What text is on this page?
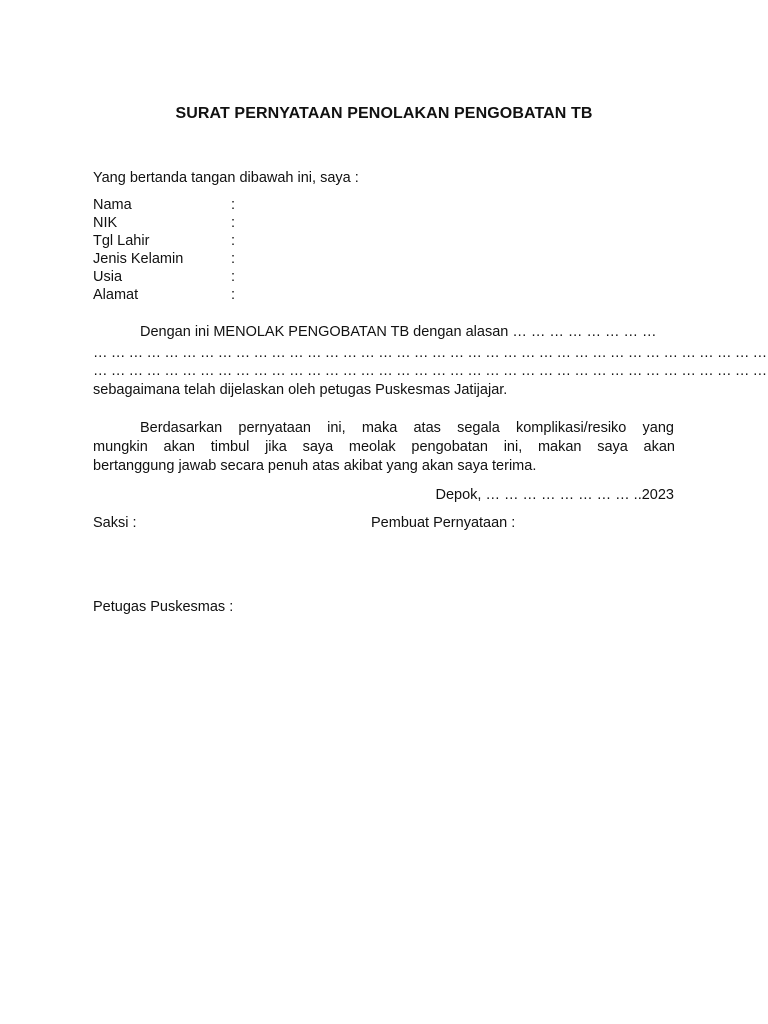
SURAT PERNYATAAN PENOLAKAN PENGOBATAN TB
Yang bertanda tangan dibawah ini, saya :
Nama	:
NIK	:
Tgl Lahir	:
Jenis Kelamin	:
Usia	:
Alamat	:
Dengan ini MENOLAK PENGOBATAN TB dengan alasan … … … … … … … …
… … … … … … … … … … … … … … … … … … … … … … … … … … … … … … … … … … … … … …
… … … … … … … … … … … … … … … … … … … … … … … … … … … … … … … … … … … … … …
sebagaimana telah dijelaskan oleh petugas Puskesmas Jatijajar.
Berdasarkan pernyataan ini, maka atas segala komplikasi/resiko yang
mungkin akan timbul jika saya meolak pengobatan ini, makan saya akan
bertanggung jawab secara penuh atas akibat yang akan saya terima.
Depok, … … … … … … … … ..2023
Saksi :	Pembuat Pernyataan :
Petugas Puskesmas :
